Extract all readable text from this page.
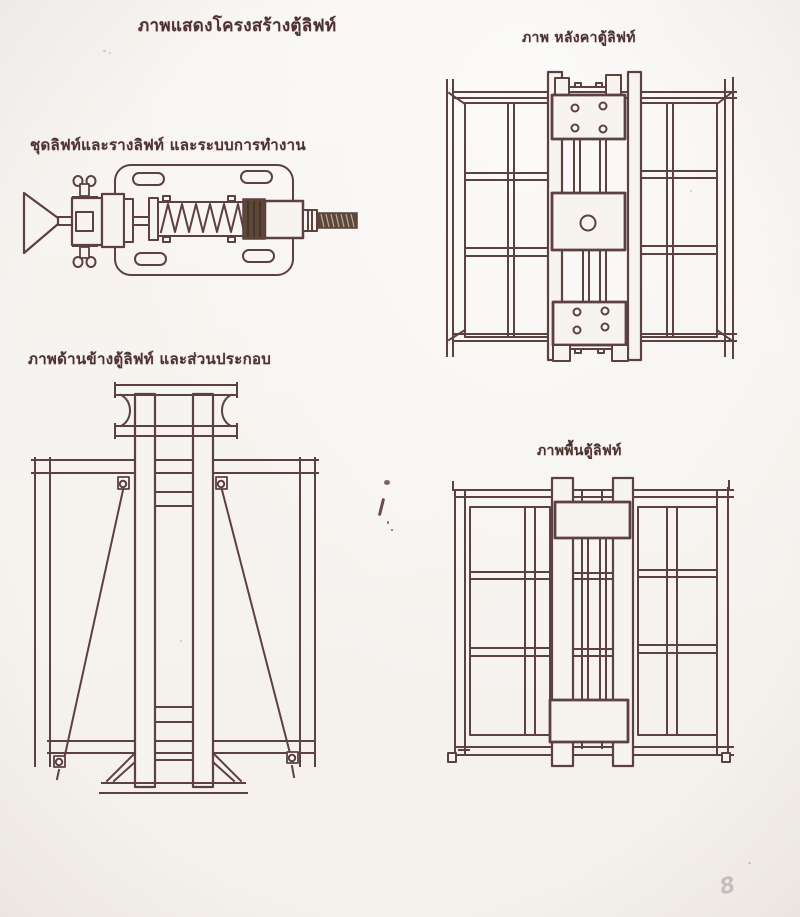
ภาพแสดงโครงสร้างตู้ลิฟท์
ภาพ หลังคาตู้ลิฟท์
ชุดลิฟท์และรางลิฟท์ และระบบการทำงาน
ภาพด้านข้างตู้ลิฟท์ และส่วนประกอบ
ภาพพื้นตู้ลิฟท์
8
